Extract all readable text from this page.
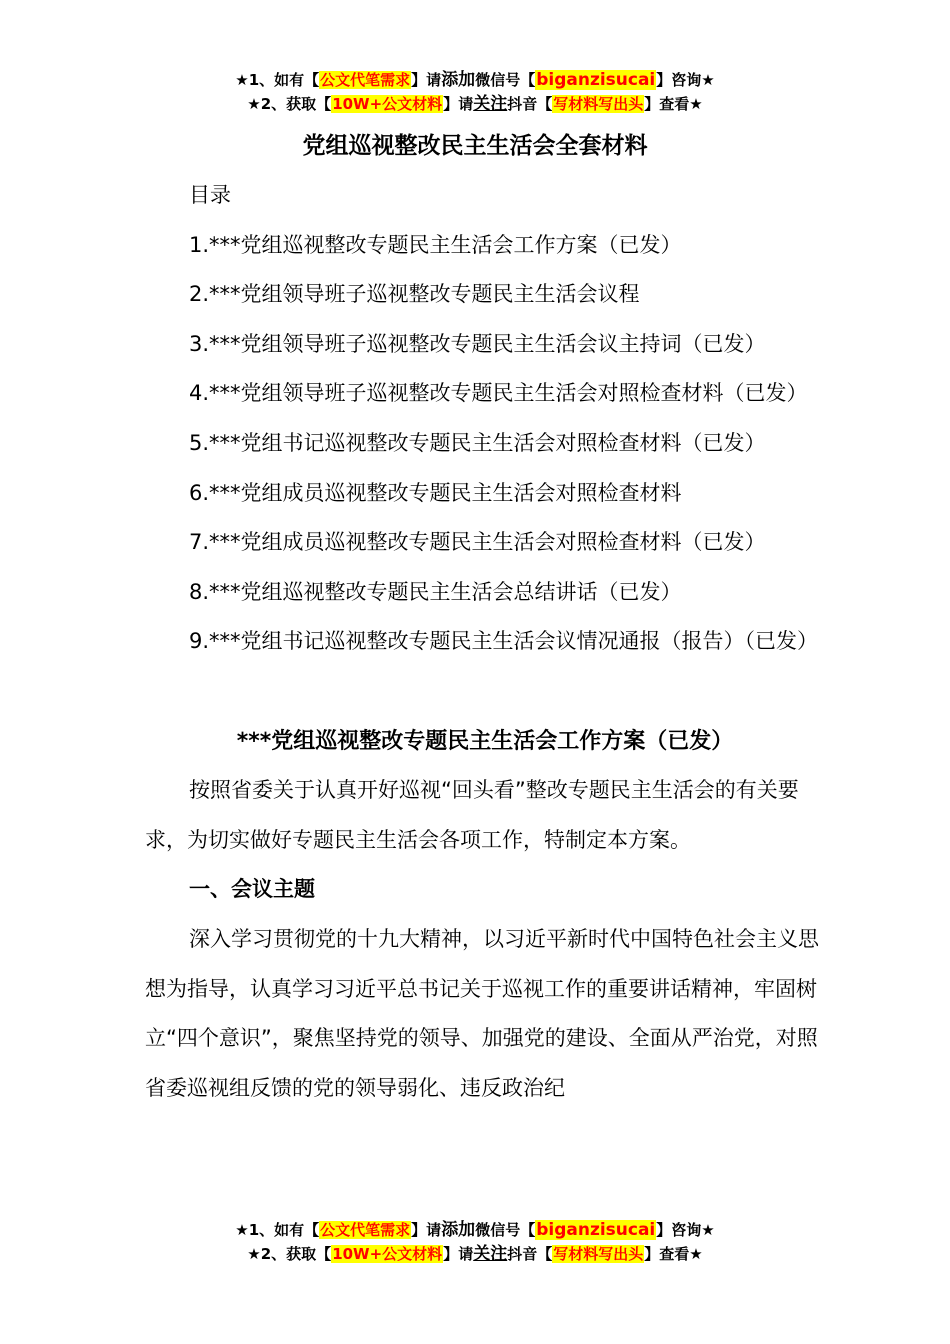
★1、如有【公文代笔需求】请添加微信号【biganzisucai】咨询★
★2、获取【10W+公文材料】请关注抖音【写材料写出头】查看★
党组巡视整改民主生活会全套材料

目录

1.***党组巡视整改专题民主生活会工作方案（已发）

2.***党组领导班子巡视整改专题民主生活会议程

3.***党组领导班子巡视整改专题民主生活会议主持词（已发）

4.***党组领导班子巡视整改专题民主生活会对照检查材料（已发）

5.***党组书记巡视整改专题民主生活会对照检查材料（已发）

6.***党组成员巡视整改专题民主生活会对照检查材料

7.***党组成员巡视整改专题民主生活会对照检查材料（已发）

8.***党组巡视整改专题民主生活会总结讲话（已发）

9.***党组书记巡视整改专题民主生活会议情况通报（报告）（已发）

***党组巡视整改专题民主生活会工作方案（已发）

按照省委关于认真开好巡视“回头看”整改专题民主生活会的有关要求，为切实做好专题民主生活会各项工作，特制定本方案。

一、会议主题

深入学习贯彻党的十九大精神，以习近平新时代中国特色社会主义思想为指导，认真学习习近平总书记关于巡视工作的重要讲话精神，牢固树立“四个意识”，聚焦坚持党的领导、加强党的建设、全面从严治党，对照省委巡视组反馈的党的领导弱化、违反政治纪

★1、如有【公文代笔需求】请添加微信号【biganzisucai】咨询★
★2、获取【10W+公文材料】请关注抖音【写材料写出头】查看★
